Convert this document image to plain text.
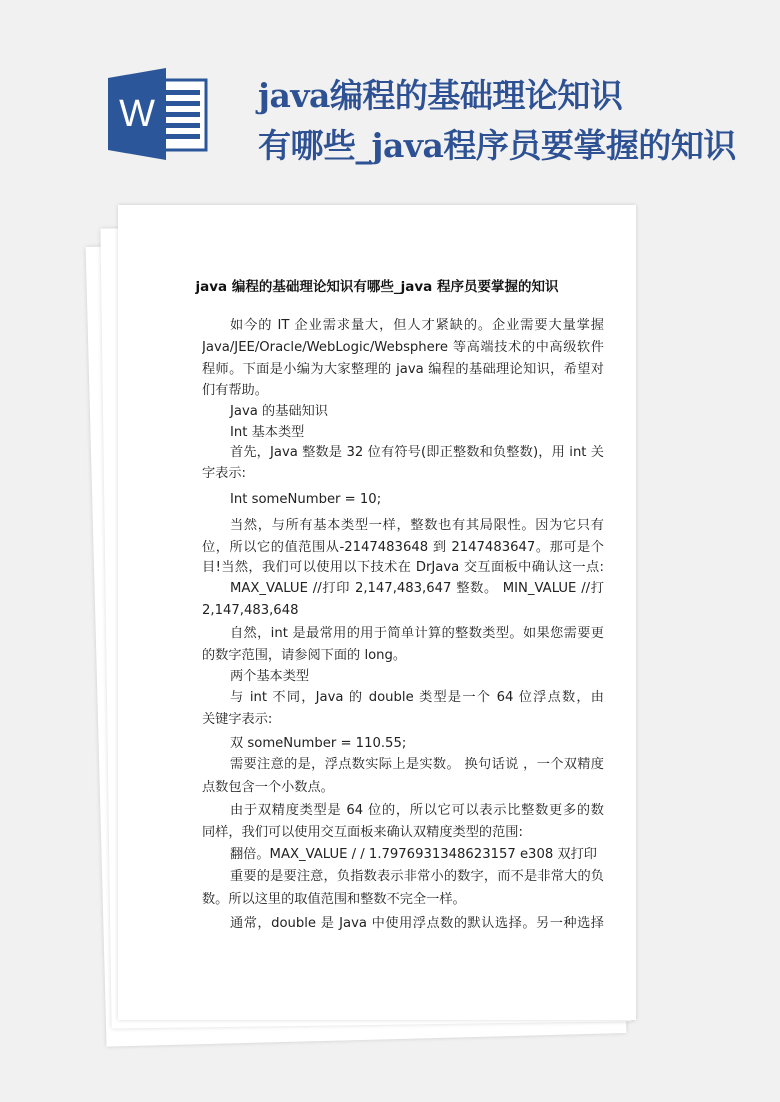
W	java编程的基础理论知识
有哪些_java程序员要掌握的知识
java 编程的基础理论知识有哪些_java 程序员要掌握的知识
如今的 IT 企业需求量大，但人才紧缺的。企业需要大量掌握
Java/JEE/Oracle/WebLogic/Websphere 等高端技术的中高级软件
程师。下面是小编为大家整理的 java 编程的基础理论知识，希望对
们有帮助。
Java 的基础知识
Int 基本类型
首先，Java 整数是 32 位有符号(即正整数和负整数)，用 int 关
字表示:
Int someNumber = 10;
当然，与所有基本类型一样，整数也有其局限性。因为它只有
位，所以它的值范围从-2147483648 到 2147483647。那可是个
目!当然，我们可以使用以下技术在 DrJava 交互面板中确认这一点:
MAX_VALUE //打印 2,147,483,647 整数。 MIN_VALUE //打
2,147,483,648
自然，int 是最常用的用于简单计算的整数类型。如果您需要更
的数字范围，请参阅下面的 long。
两个基本类型
与 int 不同，Java 的 double 类型是一个 64 位浮点数，由
关键字表示:
双 someNumber = 110.55;
需要注意的是，浮点数实际上是实数。 换句话说 ，一个双精度
点数包含一个小数点。
由于双精度类型是 64 位的，所以它可以表示比整数更多的数
同样，我们可以使用交互面板来确认双精度类型的范围:
翻倍。MAX_VALUE / / 1.7976931348623157 e308 双打印
重要的是要注意，负指数表示非常小的数字，而不是非常大的负
数。所以这里的取值范围和整数不完全一样。
通常，double 是 Java 中使用浮点数的默认选择。另一种选择
